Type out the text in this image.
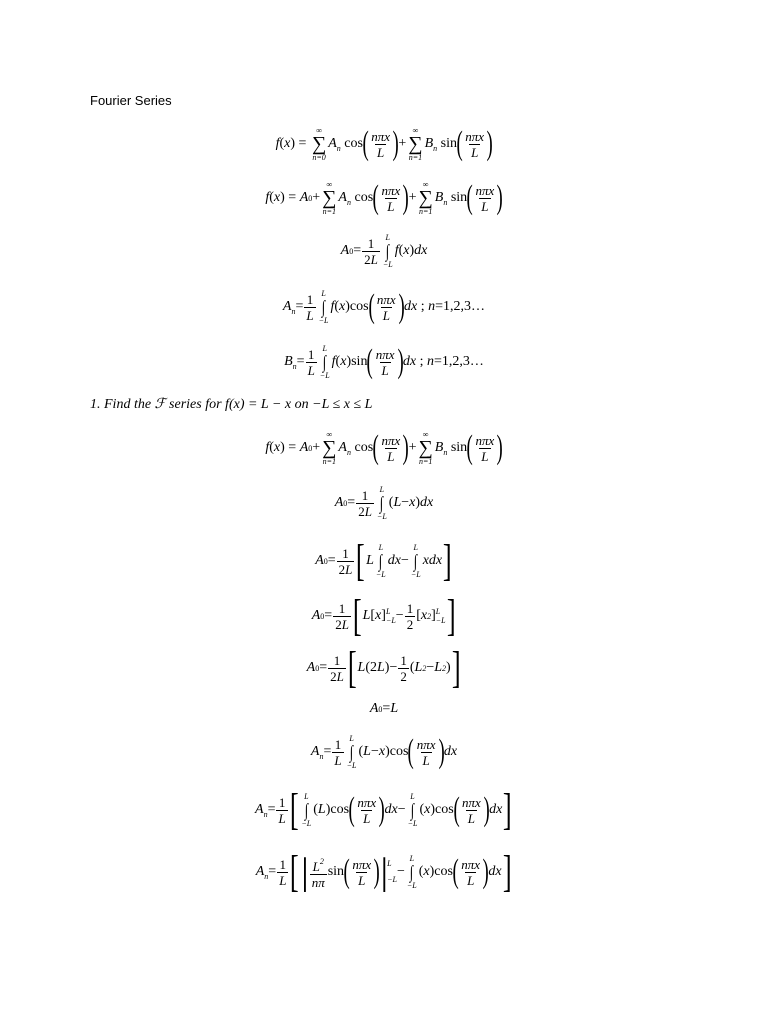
Fourier Series
f ( x ) =
∞
∑
n=0
$A_n$ cos ( $\frac{\text{nπx}}{L}$ ) +
∞
∑
n=1
$B_n$ sin ( $\frac{\text{nπx}}{L}$ )
f ( x ) = A 0 +
∞
∑
n=1
$A_n$ cos ( $\frac{\text{nπx}}{L}$ ) +
∞
∑
n=1
$B_n$ sin ( $\frac{\text{nπx}}{L}$ )
A $0 = \frac{1}{2L}$ L
∫
−L
f ( x ) dx
$A_n = \frac{1}{L}$ L
∫
−L
f ( x )cos ( $\frac{\text{nπx}}{L}$ ) dx ; n =1,2,3…
$B_n = \frac{1}{L}$ L
∫
−L
f ( x )sin ( $\frac{\text{nπx}}{L}$ ) dx ; n =1,2,3…
1. Find the ℱ series for f(x) = L − x on −L ≤ x ≤ L
f ( x ) = A 0 +
∞
∑
n=1
$A_n$ cos ( $\frac{\text{nπx}}{L}$ ) +
∞
∑
n=1
$B_n$ sin ( $\frac{\text{nπx}}{L}$ )
A $0 = \frac{1}{2L}$ L
∫
−L
( L − x ) dx
A $0 = \frac{1}{2L}$ [ L
L
∫
−L
dx −
L
∫
−L
xdx ]
A $0 = \frac{1}{2L}$ [ L [ x ] L
$-L - \frac{1}{2}$ [ x 2 ] L
−L ]
A $0 = \frac{1}{2L}$ [ L (2 L )− $\frac{1}{2}$ ( L 2 − L 2 ) ]
A 0 = L
$A_n = \frac{1}{L}$ L
∫
−L
( L − x )cos ( $\frac{\text{nπx}}{L}$ ) dx
$A_n = \frac{1}{L}$ [ L
∫
−L
( L )cos ( $\frac{\text{nπx}}{L}$ ) dx −
L
∫
−L
( x )cos ( $\frac{\text{nπx}}{L}$ ) dx ]
$A_n = \frac{1}{L}$ [ | $\frac{L^2}{n\pi}$ sin ( $\frac{\text{nπx}}{L}$ ) | L
−L
−
L
∫
−L
( x )cos ( $\frac{\text{nπx}}{L}$ ) dx ]
